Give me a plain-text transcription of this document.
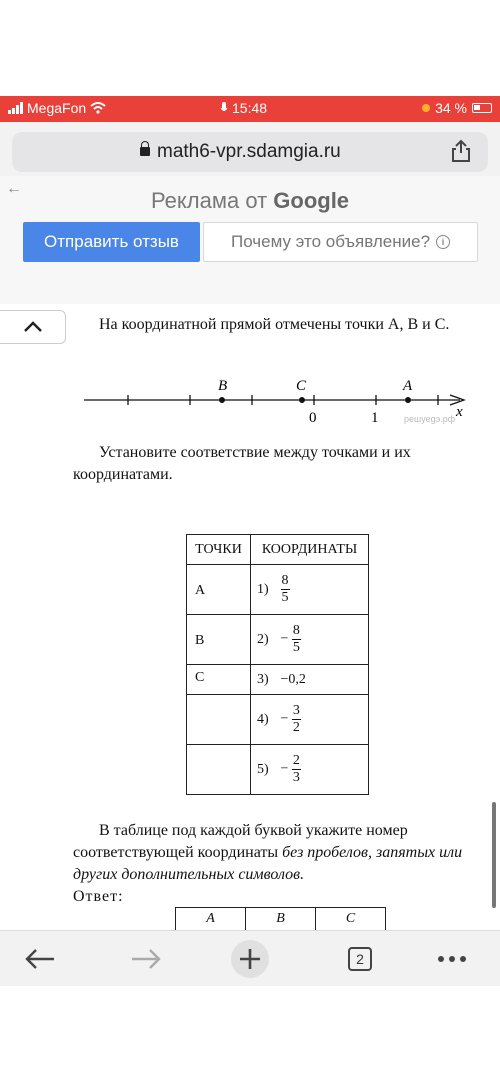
MegaFon	15:48	34 %
math6-vpr.sdamgia.ru
←	Реклама от Google
Отправить отзыв	Почему это объявление?	i
На координатной прямой отмечены точки A, B и C.
B	C	A
0	1	x
решуеgэ.рф
Установите соответствие между точками и их координатами.
ТОЧКИ	КООРДИНАТЫ
A	$1) \frac{8}{5}$

B	$2) - \frac{8}{5}$

C	3) −0,2
	$4) - \frac{3}{2}$

	$5) - \frac{2}{3}$
В таблице под каждой буквой укажите номер соответствующей координаты без пробелов, запятых или других дополнительных символов.
Ответ:
A	B	C
2
